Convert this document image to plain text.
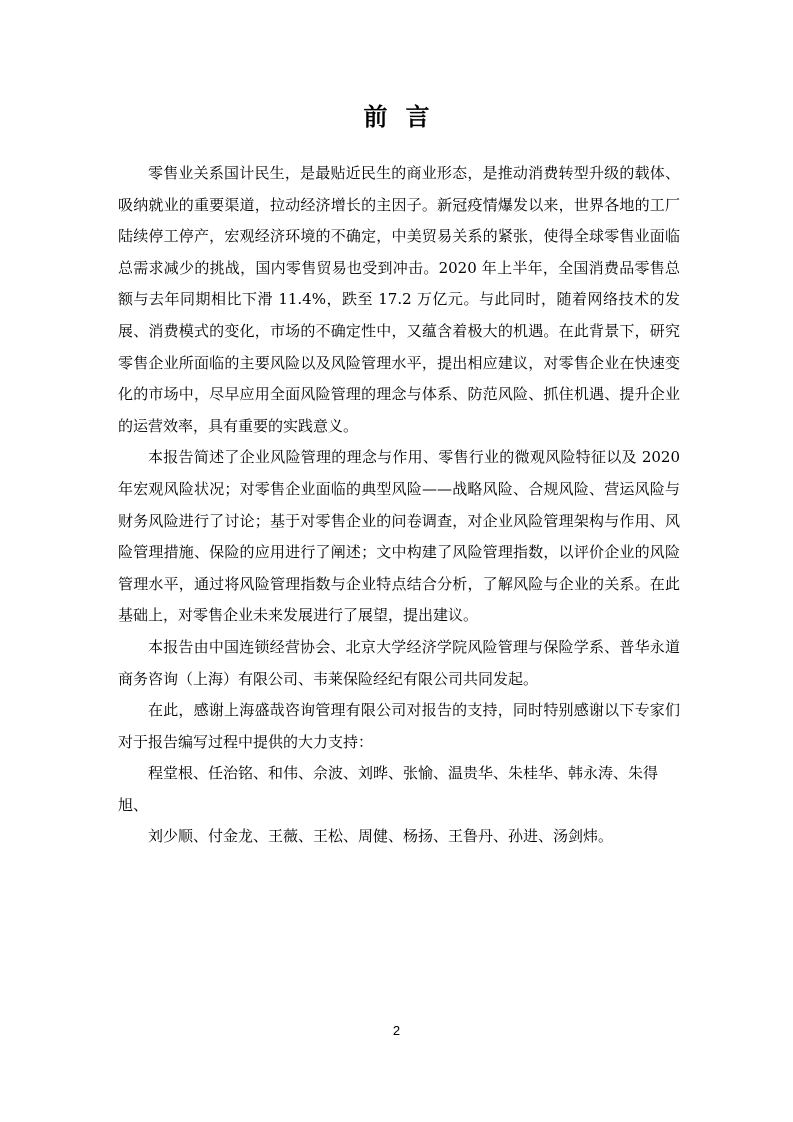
前言

零售业关系国计民生，是最贴近民生的商业形态，是推动消费转型升级的载体、吸纳就业的重要渠道，拉动经济增长的主因子。新冠疫情爆发以来，世界各地的工厂陆续停工停产，宏观经济环境的不确定，中美贸易关系的紧张，使得全球零售业面临总需求减少的挑战，国内零售贸易也受到冲击。2020 年上半年，全国消费品零售总额与去年同期相比下滑 11.4%，跌至 17.2 万亿元。与此同时，随着网络技术的发展、消费模式的变化，市场的不确定性中，又蕴含着极大的机遇。在此背景下，研究零售企业所面临的主要风险以及风险管理水平，提出相应建议，对零售企业在快速变化的市场中，尽早应用全面风险管理的理念与体系、防范风险、抓住机遇、提升企业的运营效率，具有重要的实践意义。

本报告简述了企业风险管理的理念与作用、零售行业的微观风险特征以及 2020 年宏观风险状况；对零售企业面临的典型风险——战略风险、合规风险、营运风险与财务风险进行了讨论；基于对零售企业的问卷调查，对企业风险管理架构与作用、风险管理措施、保险的应用进行了阐述；文中构建了风险管理指数，以评价企业的风险管理水平，通过将风险管理指数与企业特点结合分析，了解风险与企业的关系。在此基础上，对零售企业未来发展进行了展望，提出建议。

本报告由中国连锁经营协会、北京大学经济学院风险管理与保险学系、普华永道商务咨询（上海）有限公司、韦莱保险经纪有限公司共同发起。

在此，感谢上海盛哉咨询管理有限公司对报告的支持，同时特别感谢以下专家们对于报告编写过程中提供的大力支持：

程堂根、任治铭、和伟、佘波、刘晔、张愉、温贵华、朱桂华、韩永涛、朱得旭、

刘少顺、付金龙、王薇、王松、周健、杨扬、王鲁丹、孙进、汤剑炜。

2
